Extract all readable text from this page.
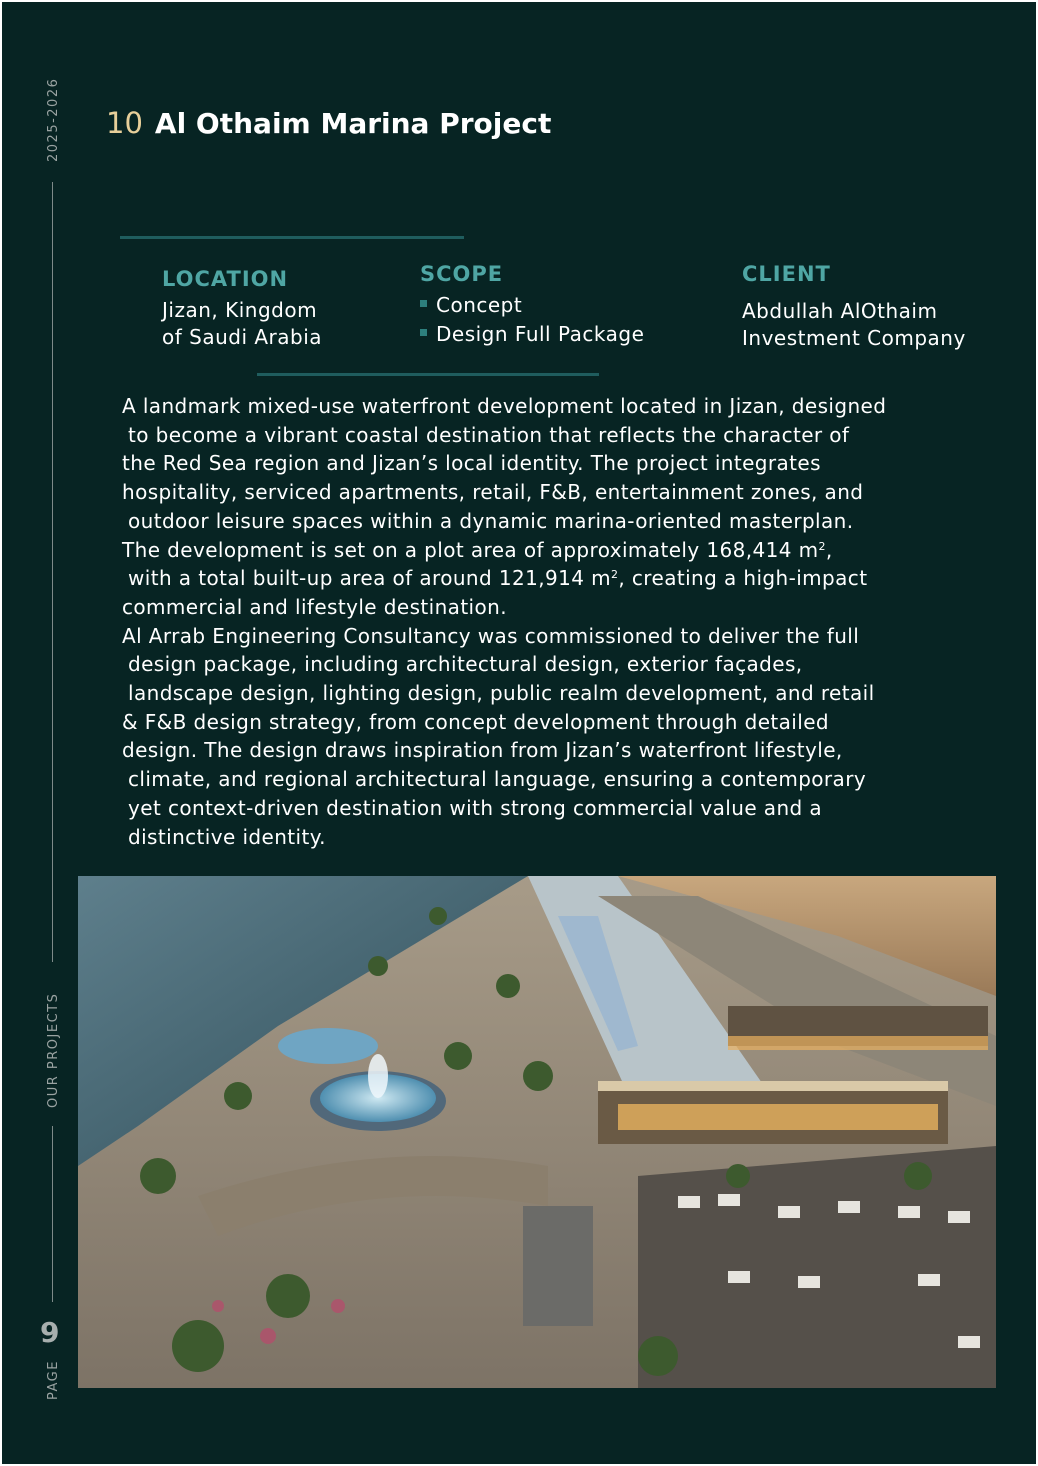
2025-2026
OUR PROJECTS
9
PAGE
10 Al Othaim Marina Project
LOCATION
Jizan, Kingdom
of Saudi Arabia
SCOPE
Concept
Design Full Package
CLIENT
Abdullah AlOthaim
Investment Company
A landmark mixed-use waterfront development located in Jizan, designed
to become a vibrant coastal destination that reflects the character of
the Red Sea region and Jizan’s local identity. The project integrates
hospitality, serviced apartments, retail, F&B, entertainment zones, and
outdoor leisure spaces within a dynamic marina-oriented masterplan.
The development is set on a plot area of approximately 168,414 $m^2$,
with a total built-up area of around 121,914 $m^2$, creating a high-impact
commercial and lifestyle destination.
Al Arrab Engineering Consultancy was commissioned to deliver the full
design package, including architectural design, exterior façades,
landscape design, lighting design, public realm development, and retail
& F&B design strategy, from concept development through detailed
design. The design draws inspiration from Jizan’s waterfront lifestyle,
climate, and regional architectural language, ensuring a contemporary
yet context-driven destination with strong commercial value and a
distinctive identity.
